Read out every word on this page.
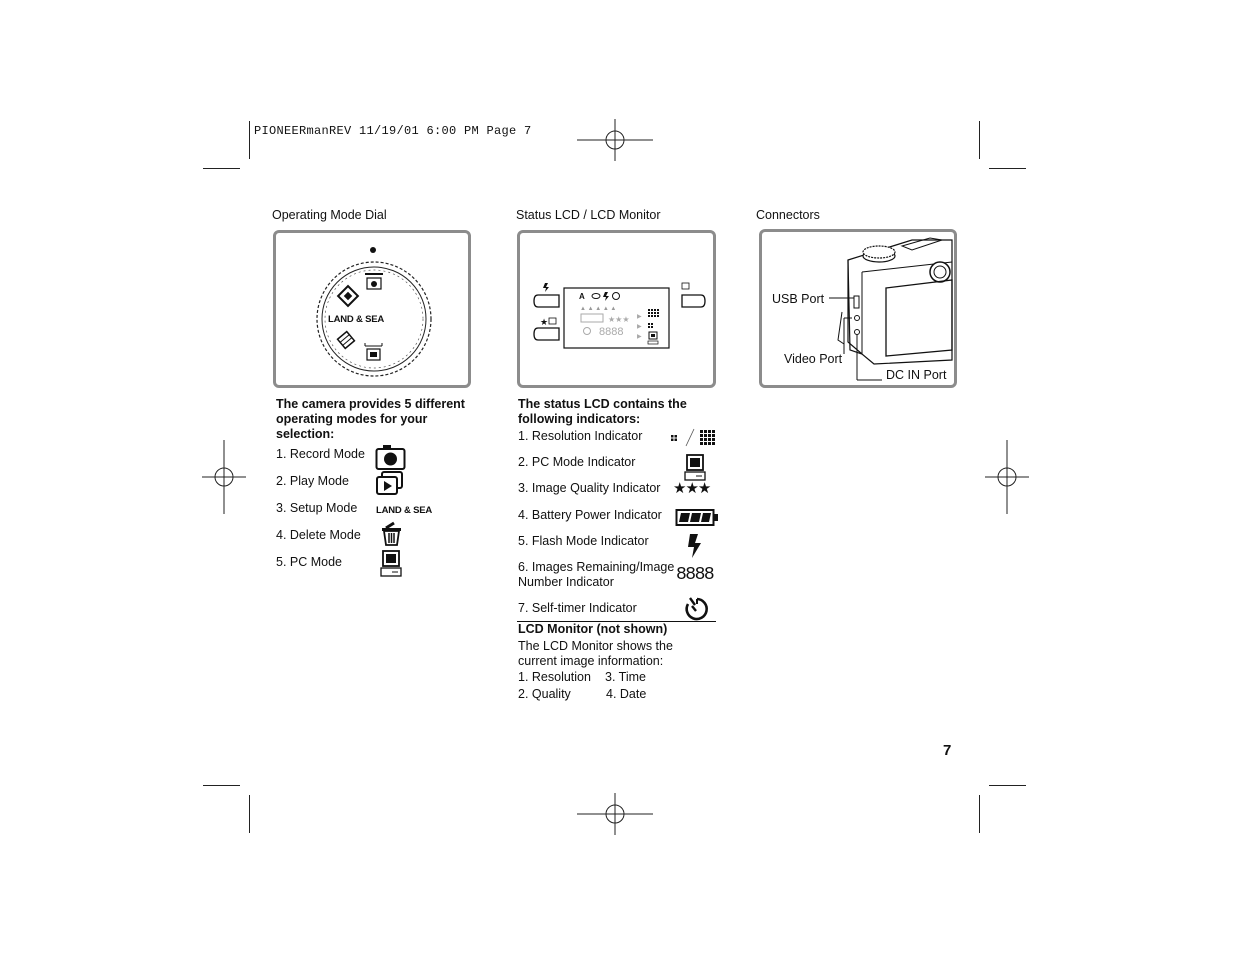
PIONEERmanREV 11/19/01 6:00 PM Page 7
Operating Mode Dial
LAND & SEA
The camera provides 5 different operating modes for your selection:
1. Record Mode
2. Play Mode
3. Setup Mode
4. Delete Mode
5. PC Mode
LAND & SEA
Status LCD / LCD Monitor
★
A
▲ ▲ ▲ ▲ ▲
★★★
8888
▶
▶
▶
The status LCD contains the following indicators:
1. Resolution Indicator
2. PC Mode Indicator
3. Image Quality Indicator
4. Battery Power Indicator
5. Flash Mode Indicator
6. Images Remaining/Image
Number Indicator
7. Self-timer Indicator
★★★
8888
LCD Monitor (not shown)
The LCD Monitor shows the
current image information:
1. Resolution 3. Time
2. Quality	4. Date
Connectors
USB Port
Video Port
DC IN Port
7
